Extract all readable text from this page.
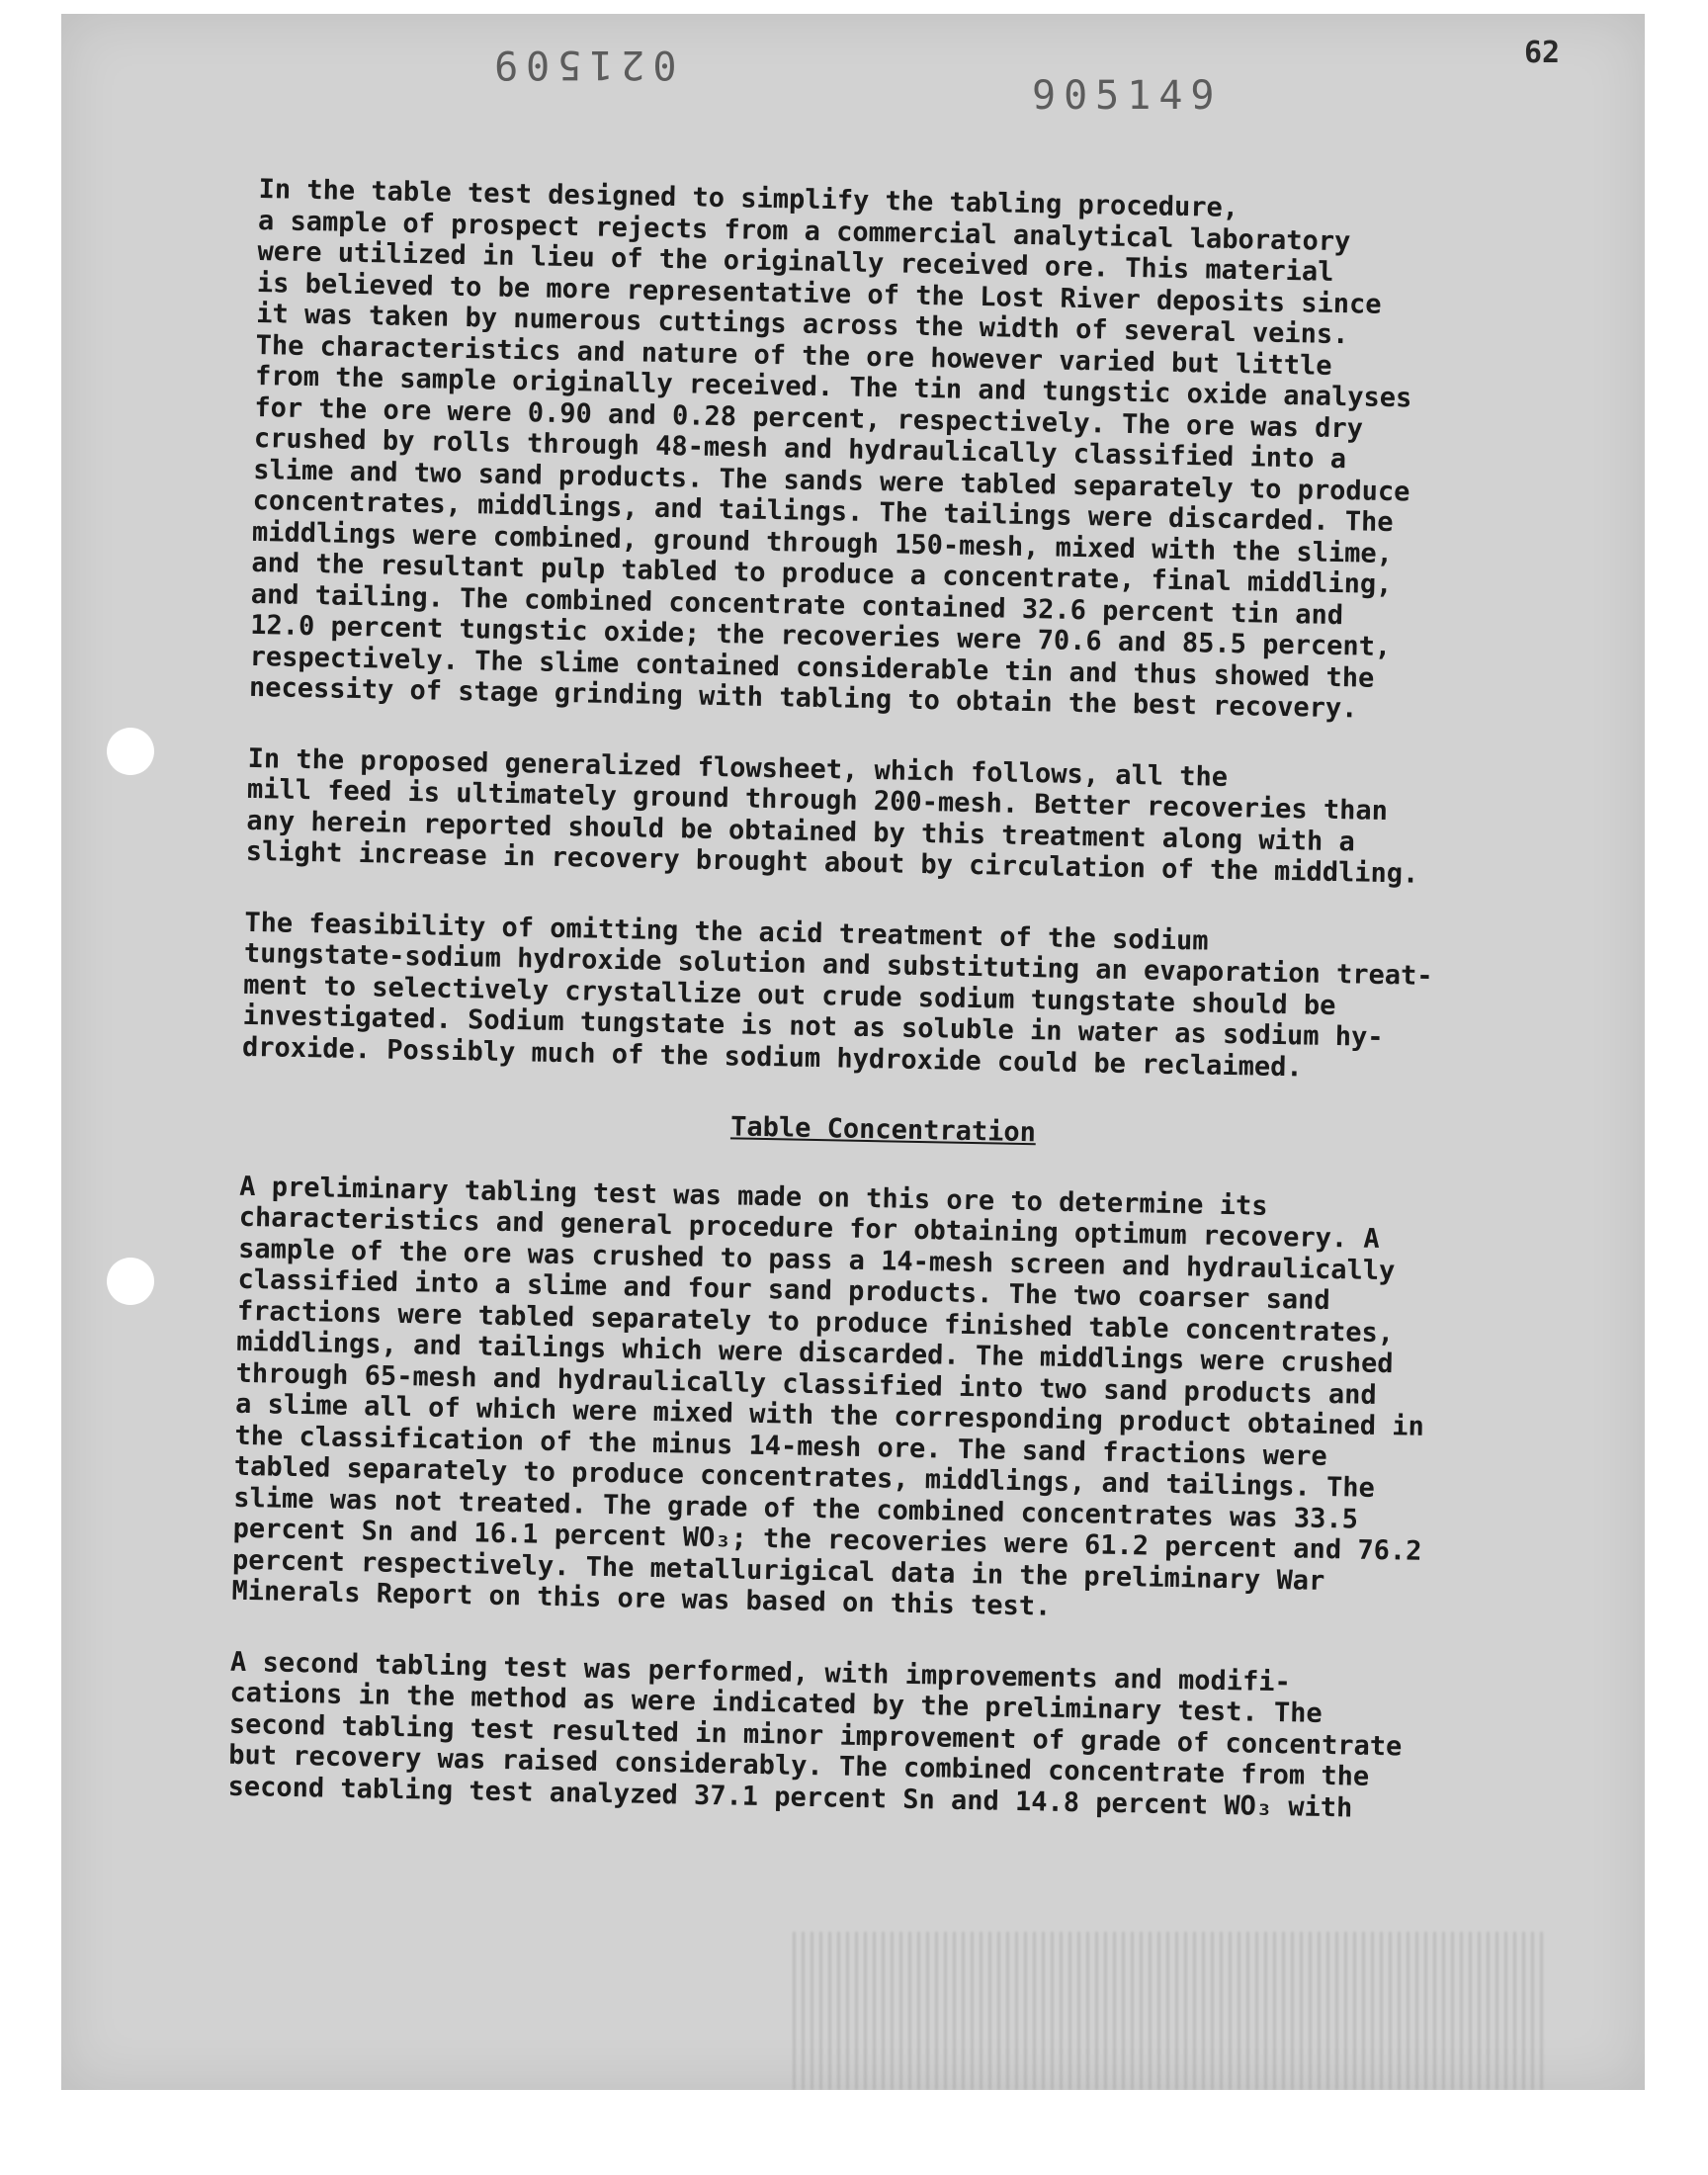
021509
905149
62

In the table test designed to simplify the tabling procedure,
a sample of prospect rejects from a commercial analytical laboratory
were utilized in lieu of the originally received ore. This material
is believed to be more representative of the Lost River deposits since
it was taken by numerous cuttings across the width of several veins.
The characteristics and nature of the ore however varied but little
from the sample originally received. The tin and tungstic oxide analyses
for the ore were 0.90 and 0.28 percent, respectively. The ore was dry
crushed by rolls through 48-mesh and hydraulically classified into a
slime and two sand products. The sands were tabled separately to produce
concentrates, middlings, and tailings. The tailings were discarded. The
middlings were combined, ground through 150-mesh, mixed with the slime,
and the resultant pulp tabled to produce a concentrate, final middling,
and tailing. The combined concentrate contained 32.6 percent tin and
12.0 percent tungstic oxide; the recoveries were 70.6 and 85.5 percent,
respectively. The slime contained considerable tin and thus showed the
necessity of stage grinding with tabling to obtain the best recovery.

In the proposed generalized flowsheet, which follows, all the
mill feed is ultimately ground through 200-mesh. Better recoveries than
any herein reported should be obtained by this treatment along with a
slight increase in recovery brought about by circulation of the middling.

The feasibility of omitting the acid treatment of the sodium
tungstate-sodium hydroxide solution and substituting an evaporation treat-
ment to selectively crystallize out crude sodium tungstate should be
investigated. Sodium tungstate is not as soluble in water as sodium hy-
droxide. Possibly much of the sodium hydroxide could be reclaimed.

Table Concentration

A preliminary tabling test was made on this ore to determine its
characteristics and general procedure for obtaining optimum recovery. A
sample of the ore was crushed to pass a 14-mesh screen and hydraulically
classified into a slime and four sand products. The two coarser sand
fractions were tabled separately to produce finished table concentrates,
middlings, and tailings which were discarded. The middlings were crushed
through 65-mesh and hydraulically classified into two sand products and
a slime all of which were mixed with the corresponding product obtained in
the classification of the minus 14-mesh ore. The sand fractions were
tabled separately to produce concentrates, middlings, and tailings. The
slime was not treated. The grade of the combined concentrates was 33.5
percent Sn and 16.1 percent WO₃; the recoveries were 61.2 percent and 76.2
percent respectively. The metallurigical data in the preliminary War
Minerals Report on this ore was based on this test.

A second tabling test was performed, with improvements and modifi-
cations in the method as were indicated by the preliminary test. The
second tabling test resulted in minor improvement of grade of concentrate
but recovery was raised considerably. The combined concentrate from the
second tabling test analyzed 37.1 percent Sn and 14.8 percent WO₃ with
